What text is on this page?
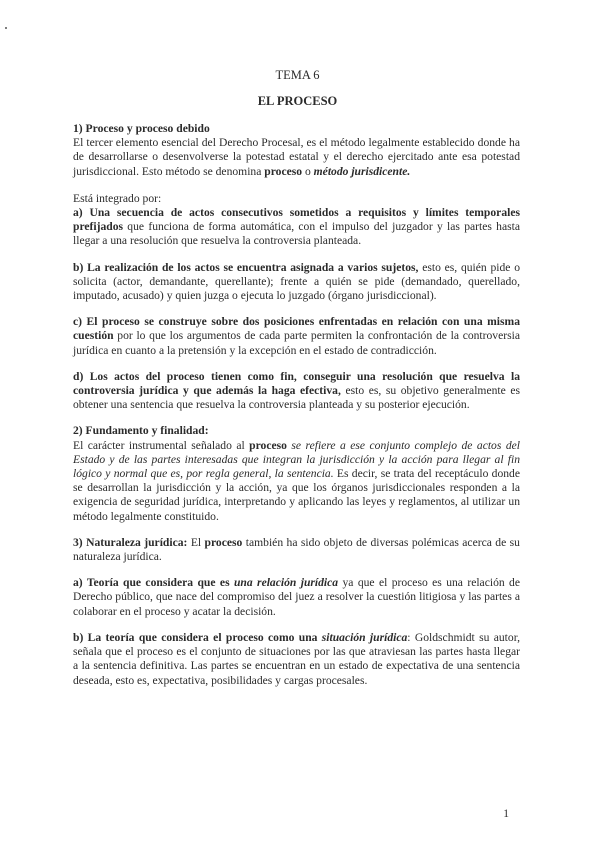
TEMA 6
EL PROCESO

1) Proceso y proceso debido

El tercer elemento esencial del Derecho Procesal, es el método legalmente establecido donde ha de desarrollarse o desenvolverse la potestad estatal y el derecho ejercitado ante esa potestad jurisdiccional. Esto método se denomina proceso o método jurisdicente.

Está integrado por:

a) Una secuencia de actos consecutivos sometidos a requisitos y límites temporales prefijados que funciona de forma automática, con el impulso del juzgador y las partes hasta llegar a una resolución que resuelva la controversia planteada.

b) La realización de los actos se encuentra asignada a varios sujetos, esto es, quién pide o solicita (actor, demandante, querellante); frente a quién se pide (demandado, querellado, imputado, acusado) y quien juzga o ejecuta lo juzgado (órgano jurisdiccional).

c) El proceso se construye sobre dos posiciones enfrentadas en relación con una misma cuestión por lo que los argumentos de cada parte permiten la confrontación de la controversia jurídica en cuanto a la pretensión y la excepción en el estado de contradicción.

d) Los actos del proceso tienen como fin, conseguir una resolución que resuelva la controversia jurídica y que además la haga efectiva, esto es, su objetivo generalmente es obtener una sentencia que resuelva la controversia planteada y su posterior ejecución.

2) Fundamento y finalidad:

El carácter instrumental señalado al proceso se refiere a ese conjunto complejo de actos del Estado y de las partes interesadas que integran la jurisdicción y la acción para llegar al fin lógico y normal que es, por regla general, la sentencia. Es decir, se trata del receptáculo donde se desarrollan la jurisdicción y la acción, ya que los órganos jurisdiccionales responden a la exigencia de seguridad jurídica, interpretando y aplicando las leyes y reglamentos, al utilizar un método legalmente constituido.

3) Naturaleza jurídica: El proceso también ha sido objeto de diversas polémicas acerca de su naturaleza jurídica.

a) Teoría que considera que es una relación jurídica ya que el proceso es una relación de Derecho público, que nace del compromiso del juez a resolver la cuestión litigiosa y las partes a colaborar en el proceso y acatar la decisión.

b) La teoría que considera el proceso como una situación jurídica: Goldschmidt su autor, señala que el proceso es el conjunto de situaciones por las que atraviesan las partes hasta llegar a la sentencia definitiva. Las partes se encuentran en un estado de expectativa de una sentencia deseada, esto es, expectativa, posibilidades y cargas procesales.

1
